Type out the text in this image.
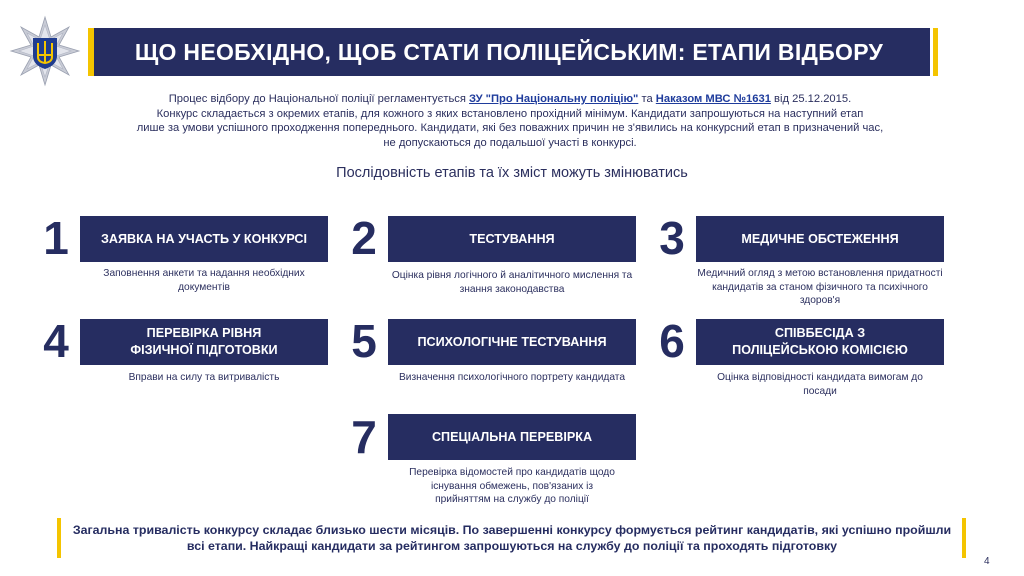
ЩО НЕОБХІДНО, ЩОБ СТАТИ ПОЛІЦЕЙСЬКИМ: ЕТАПИ ВІДБОРУ
Процес відбору до Національної поліції регламентується ЗУ "Про Національну поліцію" та Наказом МВС №1631 від 25.12.2015.
Конкурс складається з окремих етапів, для кожного з яких встановлено прохідний мінімум. Кандидати запрошуються на наступний етап
лише за умови успішного проходження попереднього. Кандидати, які без поважних причин не з'явились на конкурсний етап в призначений час,
не допускаються до подальшої участі в конкурсі.
Послідовність етапів та їх зміст можуть змінюватись
1	ЗАЯВКА НА УЧАСТЬ У КОНКУРСІ
Заповнення анкети та надання необхідних документів
2	ТЕСТУВАННЯ
Оцінка рівня логічного й аналітичного мислення та знання законодавства
3	МЕДИЧНЕ ОБСТЕЖЕННЯ
Медичний огляд з метою встановлення придатності кандидатів за станом фізичного та психічного здоров'я
4	ПЕРЕВІРКА РІВНЯ ФІЗИЧНОЇ ПІДГОТОВКИ
Вправи на силу та витривалість
5	ПСИХОЛОГІЧНЕ ТЕСТУВАННЯ
Визначення психологічного портрету кандидата
6	СПІВБЕСІДА З ПОЛІЦЕЙСЬКОЮ КОМІСІЄЮ
Оцінка відповідності кандидата вимогам до посади
7	СПЕЦІАЛЬНА ПЕРЕВІРКА
Перевірка відомостей про кандидатів щодо існування обмежень, пов'язаних із прийняттям на службу до поліції
Загальна тривалість конкурсу складає близько шести місяців. По завершенні конкурсу формується рейтинг кандидатів, які успішно пройшли всі етапи. Найкращі кандидати за рейтингом запрошуються на службу до поліції та проходять підготовку
4
